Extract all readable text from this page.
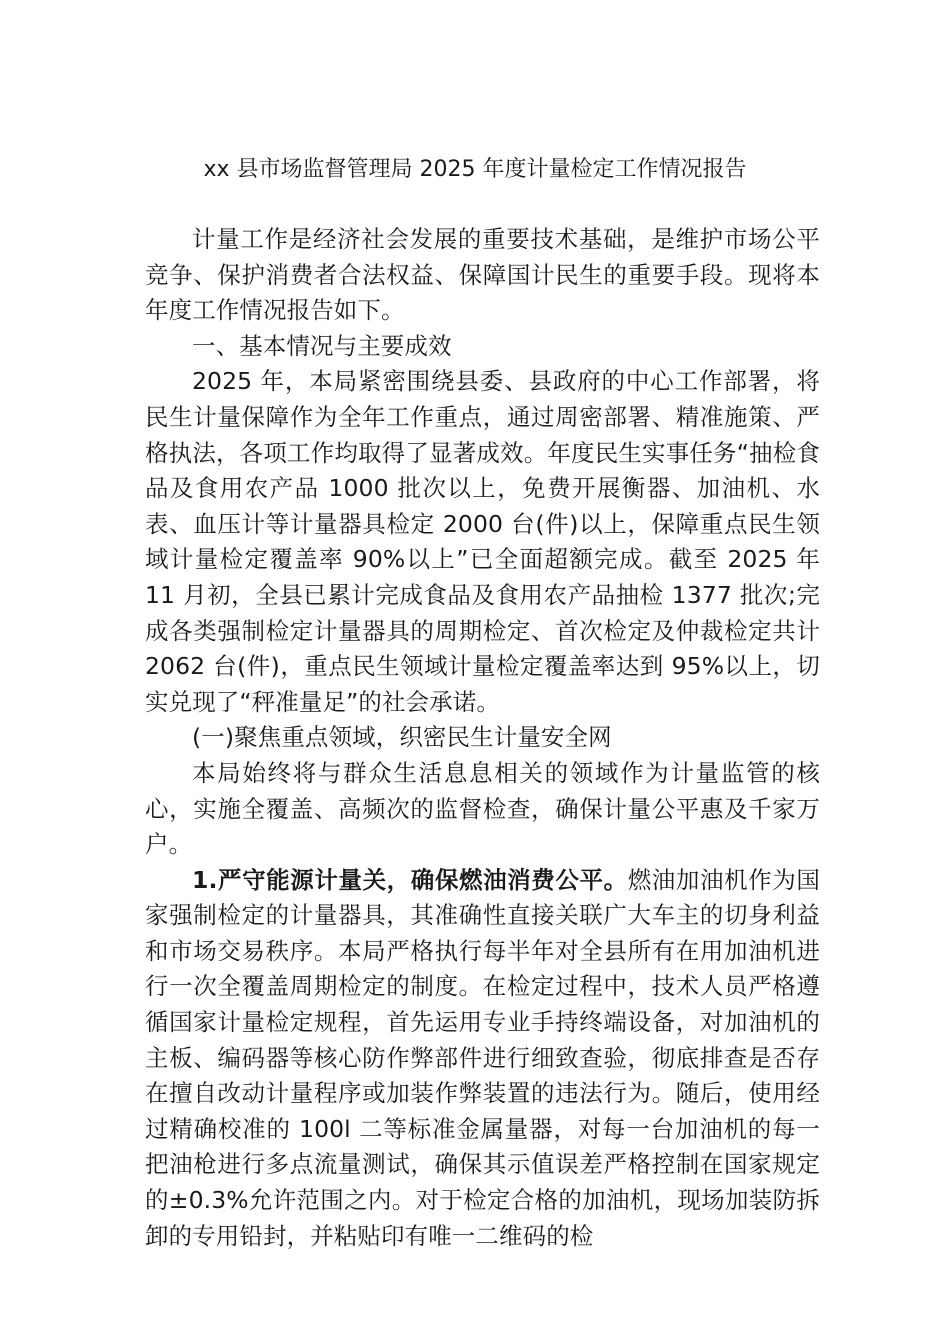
xx 县市场监督管理局 2025 年度计量检定工作情况报告

计量工作是经济社会发展的重要技术基础，是维护市场公平竞争、保护消费者合法权益、保障国计民生的重要手段。现将本年度工作情况报告如下。

一、基本情况与主要成效

2025 年，本局紧密围绕县委、县政府的中心工作部署，将民生计量保障作为全年工作重点，通过周密部署、精准施策、严格执法，各项工作均取得了显著成效。年度民生实事任务“抽检食品及食用农产品 1000 批次以上，免费开展衡器、加油机、水表、血压计等计量器具检定 2000 台(件)以上，保障重点民生领域计量检定覆盖率 90%以上”已全面超额完成。截至 2025 年 11 月初，全县已累计完成食品及食用农产品抽检 1377 批次;完成各类强制检定计量器具的周期检定、首次检定及仲裁检定共计 2062 台(件)，重点民生领域计量检定覆盖率达到 95%以上，切实兑现了“秤准量足”的社会承诺。

(一)聚焦重点领域，织密民生计量安全网

本局始终将与群众生活息息相关的领域作为计量监管的核心，实施全覆盖、高频次的监督检查，确保计量公平惠及千家万户。

1.严守能源计量关，确保燃油消费公平。燃油加油机作为国家强制检定的计量器具，其准确性直接关联广大车主的切身利益和市场交易秩序。本局严格执行每半年对全县所有在用加油机进行一次全覆盖周期检定的制度。在检定过程中，技术人员严格遵循国家计量检定规程，首先运用专业手持终端设备，对加油机的主板、编码器等核心防作弊部件进行细致查验，彻底排查是否存在擅自改动计量程序或加装作弊装置的违法行为。随后，使用经过精确校准的 100l 二等标准金属量器，对每一台加油机的每一把油枪进行多点流量测试，确保其示值误差严格控制在国家规定的±0.3%允许范围之内。对于检定合格的加油机，现场加装防拆卸的专用铅封，并粘贴印有唯一二维码的检
